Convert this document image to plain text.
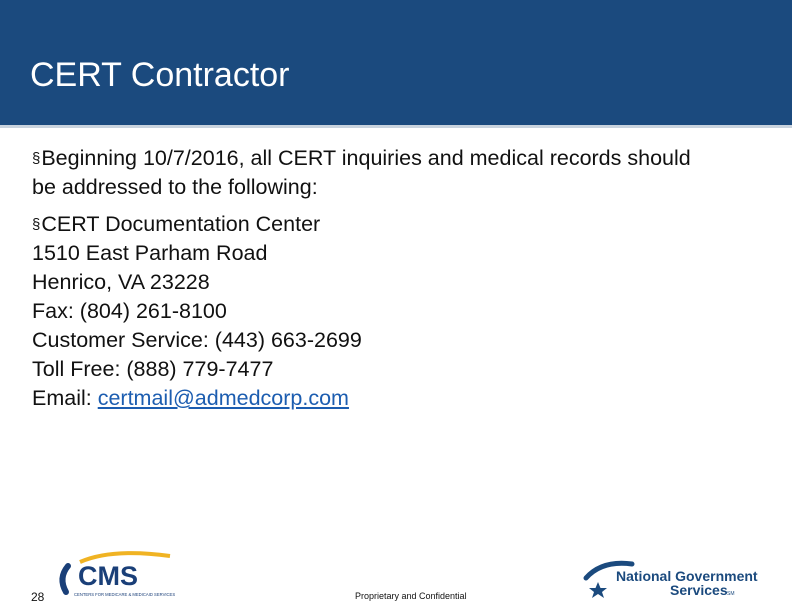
CERT Contractor
§Beginning 10/7/2016, all CERT inquiries and medical records should
be addressed to the following:
§CERT Documentation Center
1510 East Parham Road
Henrico, VA 23228
Fax: (804) 261-8100
Customer Service: (443) 663-2699
Toll Free: (888) 779-7477
Email: certmail@admedcorp.com
CMS
CENTERS FOR MEDICARE & MEDICAID SERVICES
28	Proprietary and Confidential
National Government
Services SM
